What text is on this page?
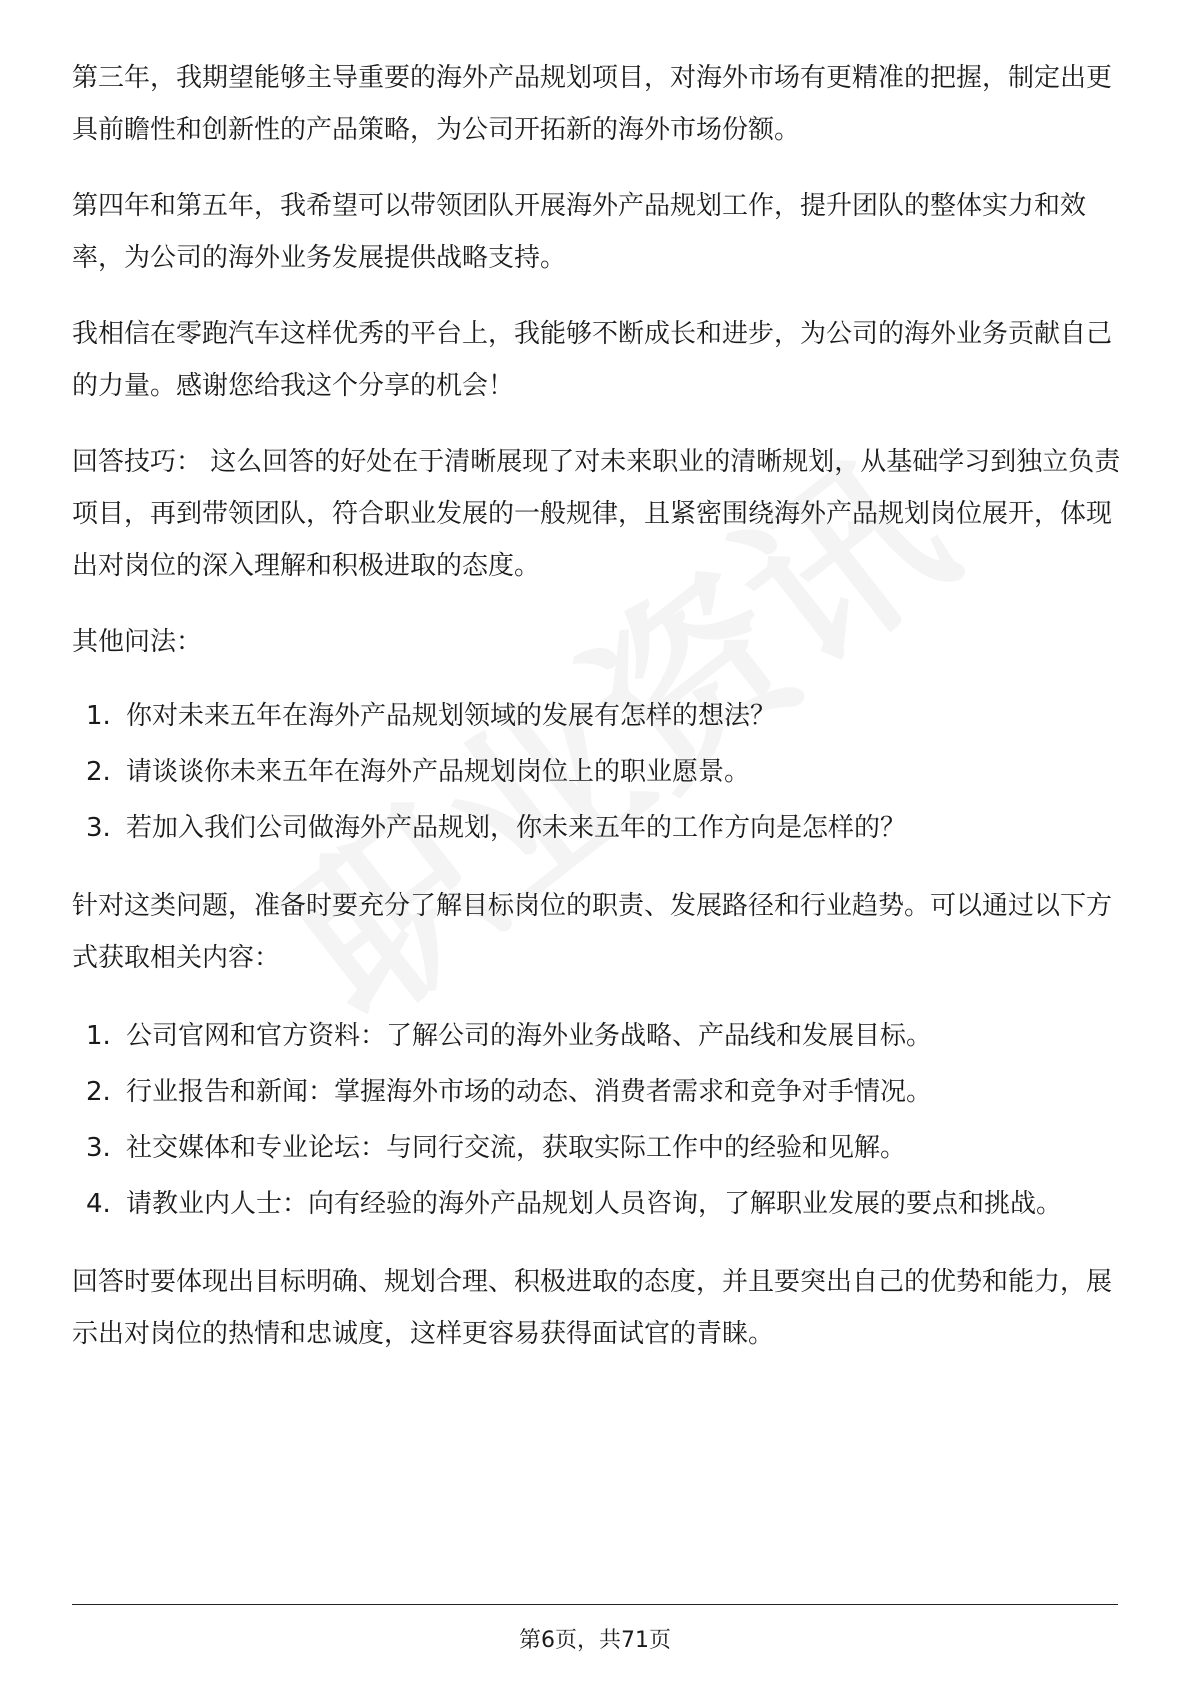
第三年，我期望能够主导重要的海外产品规划项目，对海外市场有更精准的把握，制定出更具前瞻性和创新性的产品策略，为公司开拓新的海外市场份额。

第四年和第五年，我希望可以带领团队开展海外产品规划工作，提升团队的整体实力和效率，为公司的海外业务发展提供战略支持。

我相信在零跑汽车这样优秀的平台上，我能够不断成长和进步，为公司的海外业务贡献自己的力量。感谢您给我这个分享的机会！

回答技巧： 这么回答的好处在于清晰展现了对未来职业的清晰规划，从基础学习到独立负责项目，再到带领团队，符合职业发展的一般规律，且紧密围绕海外产品规划岗位展开，体现出对岗位的深入理解和积极进取的态度。

其他问法：

1. 你对未来五年在海外产品规划领域的发展有怎样的想法？
2. 请谈谈你未来五年在海外产品规划岗位上的职业愿景。
3. 若加入我们公司做海外产品规划，你未来五年的工作方向是怎样的？

针对这类问题，准备时要充分了解目标岗位的职责、发展路径和行业趋势。可以通过以下方式获取相关内容：

1. 公司官网和官方资料：了解公司的海外业务战略、产品线和发展目标。
2. 行业报告和新闻：掌握海外市场的动态、消费者需求和竞争对手情况。
3. 社交媒体和专业论坛：与同行交流，获取实际工作中的经验和见解。
4. 请教业内人士：向有经验的海外产品规划人员咨询，了解职业发展的要点和挑战。

回答时要体现出目标明确、规划合理、积极进取的态度，并且要突出自己的优势和能力，展示出对岗位的热情和忠诚度，这样更容易获得面试官的青睐。

第6页，共71页
